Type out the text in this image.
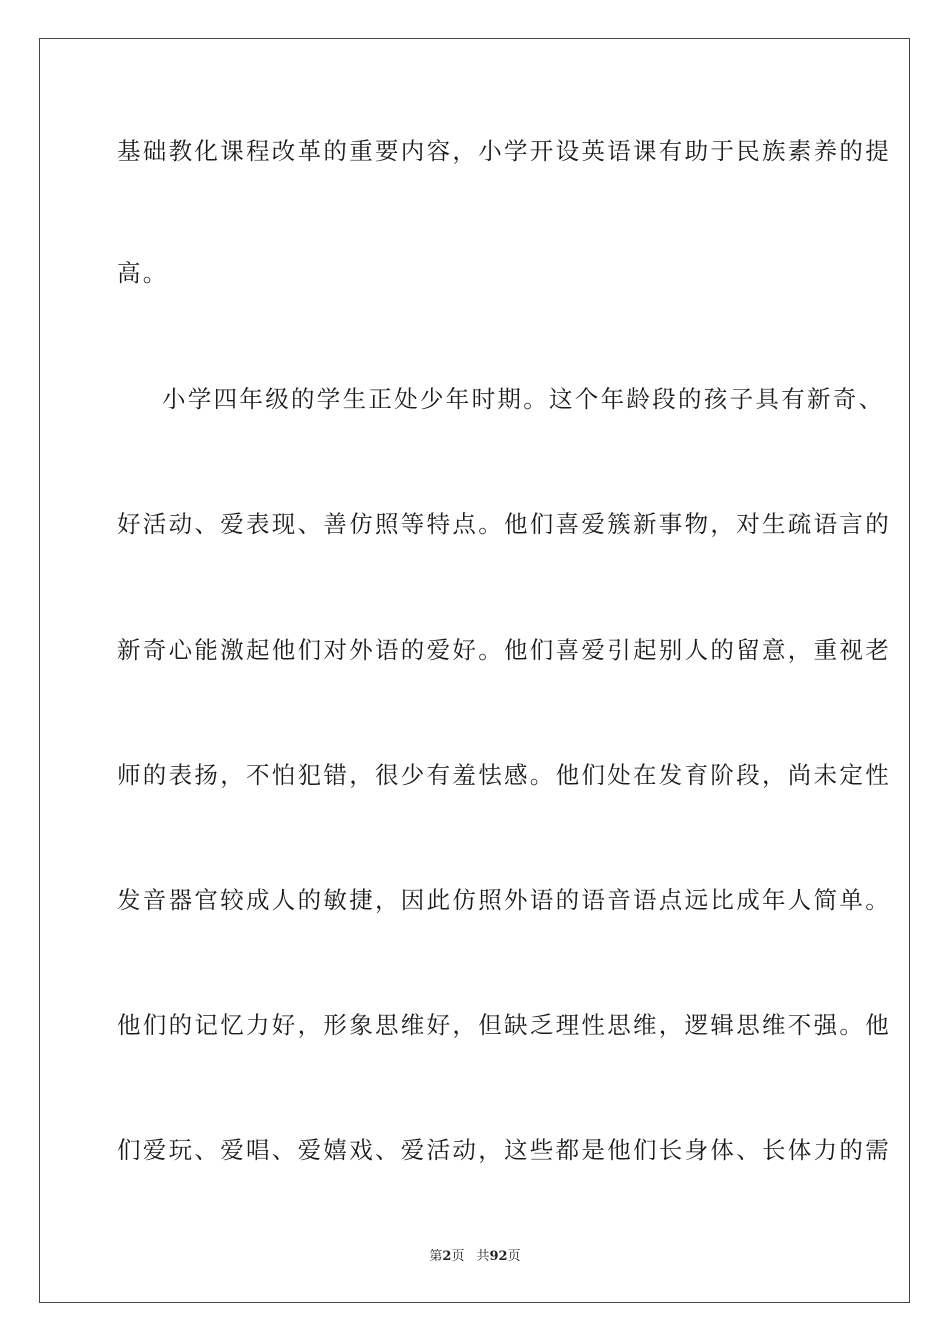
基础教化课程改革的重要内容，小学开设英语课有助于民族素养的提
高。
小学四年级的学生正处少年时期。这个年龄段的孩子具有新奇、
好活动、爱表现、善仿照等特点。他们喜爱簇新事物，对生疏语言的
新奇心能激起他们对外语的爱好。他们喜爱引起别人的留意，重视老
师的表扬，不怕犯错，很少有羞怯感。他们处在发育阶段，尚未定性
发音器官较成人的敏捷，因此仿照外语的语音语点远比成年人简单。
他们的记忆力好，形象思维好，但缺乏理性思维，逻辑思维不强。他
们爱玩、爱唱、爱嬉戏、爱活动，这些都是他们长身体、长体力的需
第2页 共92页
